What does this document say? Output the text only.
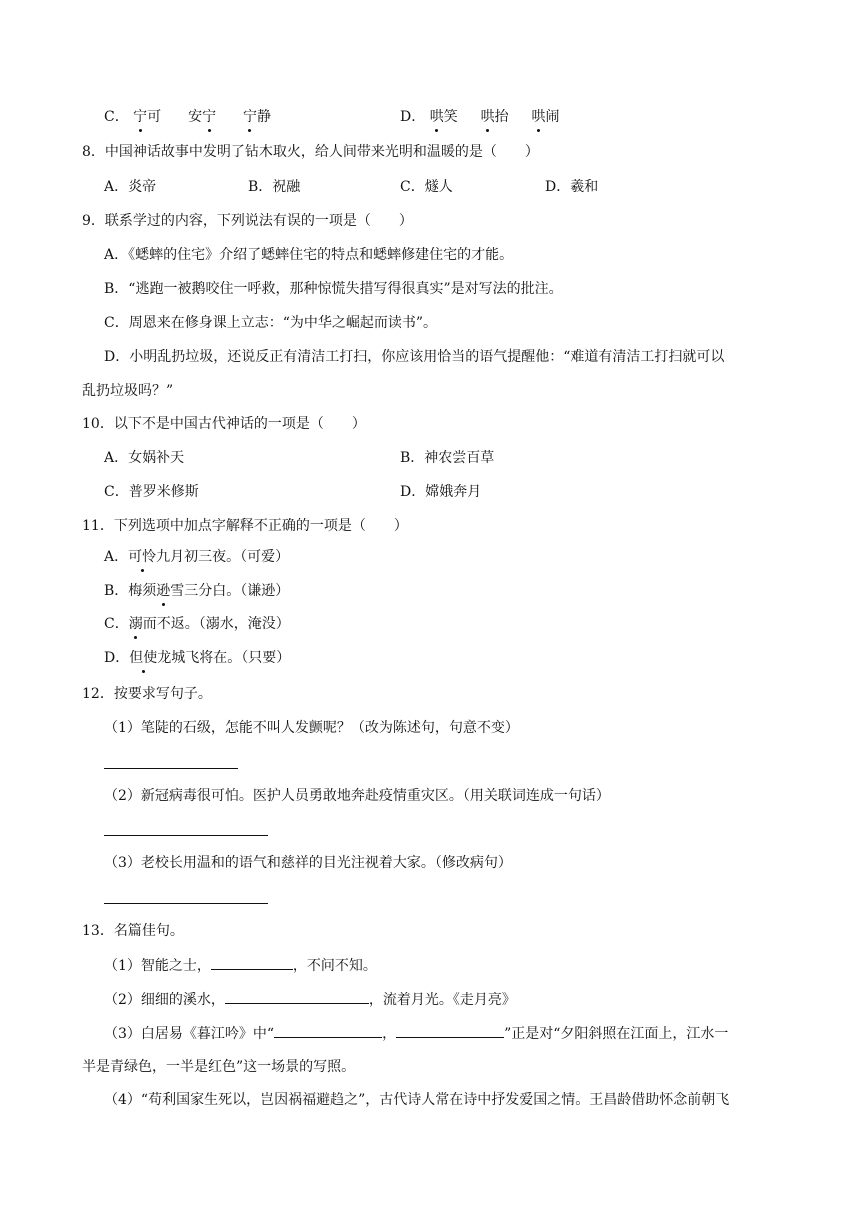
C． 宁可 安宁 宁静	D． 哄笑 哄抬 哄闹
8．中国神话故事中发明了钻木取火，给人间带来光明和温暖的是（　　）
A．炎帝	B．祝融	C．燧人	D．羲和
9．联系学过的内容，下列说法有误的一项是（　　）
A．《蟋蟀的住宅》介绍了蟋蟀住宅的特点和蟋蟀修建住宅的才能。
B．“逃跑一被鹅咬住一呼救，那种惊慌失措写得很真实”是对写法的批注。
C．周恩来在修身课上立志：“为中华之崛起而读书”。
D．小明乱扔垃圾，还说反正有清洁工打扫，你应该用恰当的语气提醒他：“难道有清洁工打扫就可以
乱扔垃圾吗？”
10．以下不是中国古代神话的一项是（　　）
A．女娲补天	B．神农尝百草
C．普罗米修斯	D．嫦娥奔月
11．下列选项中加点字解释不正确的一项是（　　）
A．可怜九月初三夜。（可爱）
B．梅须逊雪三分白。（谦逊）
C．溺而不返。（溺水，淹没）
D．但使龙城飞将在。（只要）
12．按要求写句子。
（1）笔陡的石级，怎能不叫人发颤呢？（改为陈述句，句意不变）
（2）新冠病毒很可怕。医护人员勇敢地奔赴疫情重灾区。（用关联词连成一句话）
（3）老校长用温和的语气和慈祥的目光注视着大家。（修改病句）
13．名篇佳句。
（1）智能之士，	，不问不知。
（2）细细的溪水，	，流着月光。《走月亮》
（3）白居易《暮江吟》中“	，	”正是对“夕阳斜照在江面上，江水一
半是青绿色，一半是红色”这一场景的写照。
（4）“苟利国家生死以，岂因祸福避趋之”，古代诗人常在诗中抒发爱国之情。王昌龄借助怀念前朝飞
